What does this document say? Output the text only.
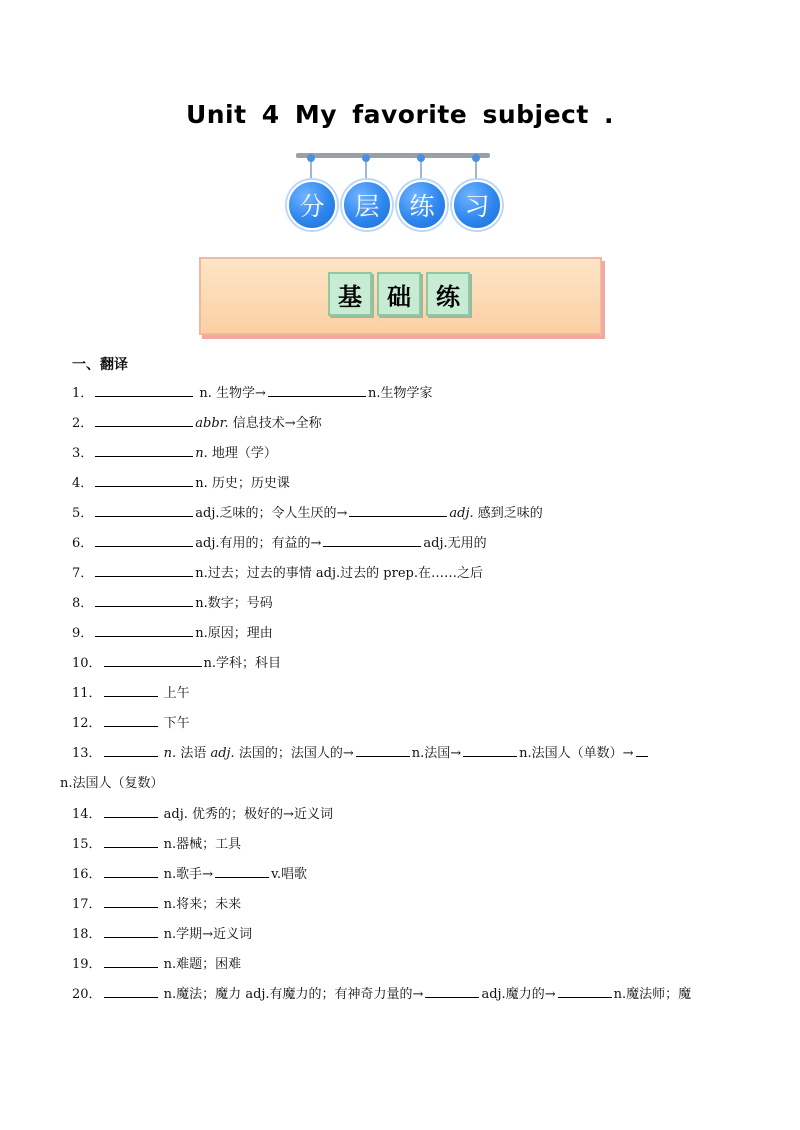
Unit 4 My favorite subject .
分	层	练	习
基	础	练
一、翻译
1．	n. 生物学→	n.生物学家
2．	abbr. 信息技术→全称
3．	n. 地理（学）
4．	n. 历史；历史课
5．	adj.乏味的；令人生厌的→	adj. 感到乏味的
6．	adj.有用的；有益的→	adj.无用的
7．	n.过去；过去的事情 adj.过去的 prep.在……之后
8．	n.数字；号码
9．	n.原因；理由
10．	n.学科；科目
11．	上午
12．	下午
13．	n. 法语 adj. 法国的；法国人的→	n.法国→	n.法国人（单数）→
n.法国人（复数）
14．	adj. 优秀的；极好的→近义词
15．	n.器械；工具
16．	n.歌手→	v.唱歌
17．	n.将来；未来
18．	n.学期→近义词
19．	n.难题；困难
20．	n.魔法；魔力 adj.有魔力的；有神奇力量的→	adj.魔力的→	n.魔法师；魔
